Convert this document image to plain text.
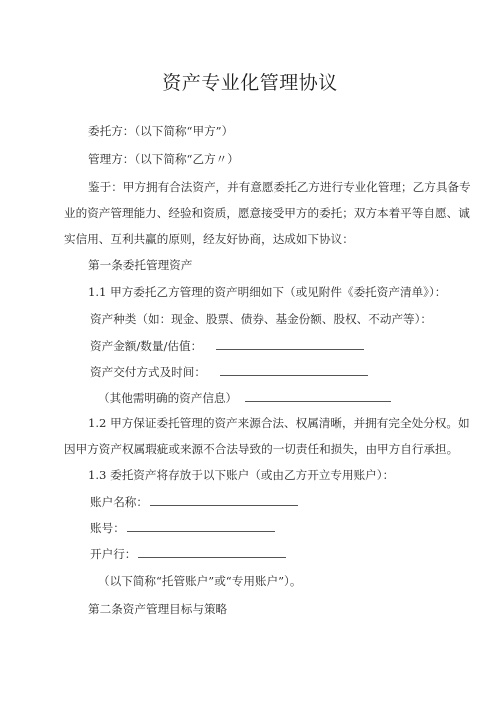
资产专业化管理协议
委托方：（以下简称“甲方”）
管理方：（以下简称“乙方〃）
鉴于：甲方拥有合法资产，并有意愿委托乙方进行专业化管理；乙方具备专
业的资产管理能力、经验和资质，愿意接受甲方的委托；双方本着平等自愿、诚
实信用、互利共赢的原则，经友好协商，达成如下协议：
第一条委托管理资产
1.1 甲方委托乙方管理的资产明细如下（或见附件《委托资产清单》）：
资产种类（如：现金、股票、债券、基金份额、股权、不动产等）：
资产金额/数量/估值：
资产交付方式及时间：
（其他需明确的资产信息）
1.2 甲方保证委托管理的资产来源合法、权属清晰，并拥有完全处分权。如
因甲方资产权属瑕疵或来源不合法导致的一切责任和损失，由甲方自行承担。
1.3 委托资产将存放于以下账户（或由乙方开立专用账户）：
账户名称：
账号：
开户行：
（以下简称“托管账户”或“专用账户”）。
第二条资产管理目标与策略
